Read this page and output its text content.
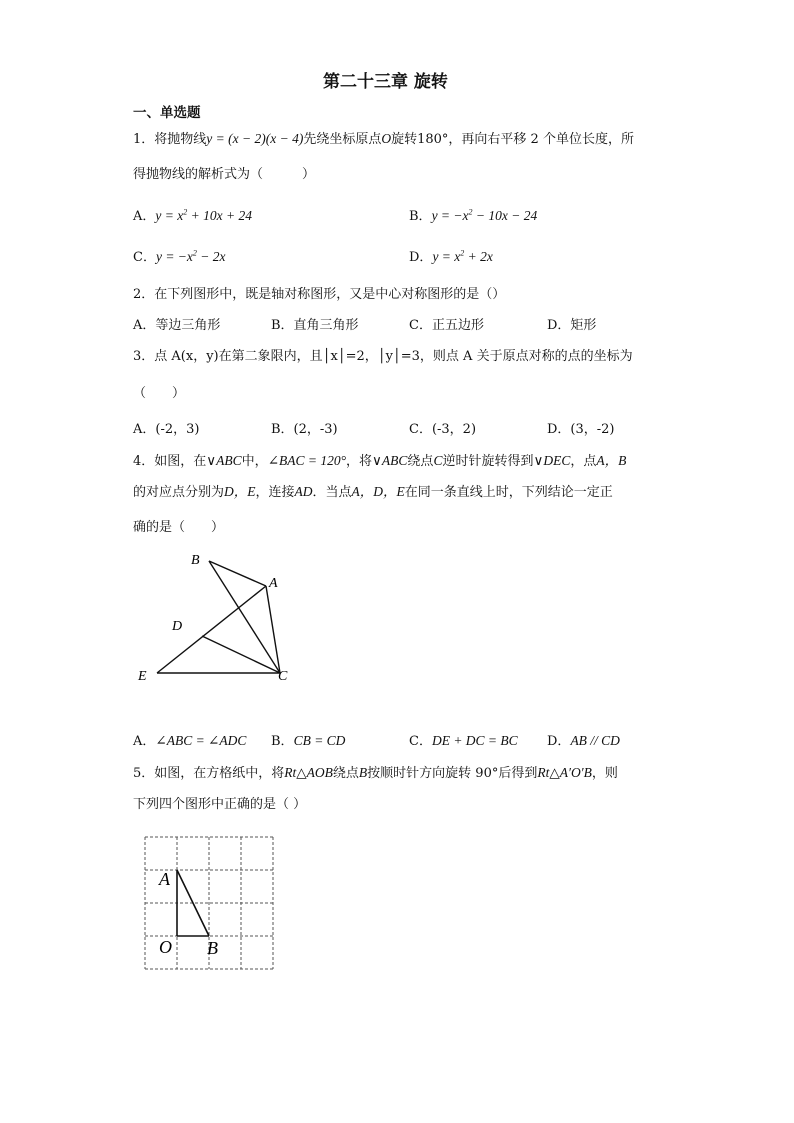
第二十三章 旋转
一、单选题
1．将抛物线y = (x − 2)(x − 4)先绕坐标原点O旋转180°，再向右平移 2 个单位长度，所
得抛物线的解析式为（　　　）
A．$y = x^2 + 10x + 24$	B．$y = -x^2 - 10x - 24$
C．$y = -x^2 - 2x$	D．$y = x^2 + 2x$
2．在下列图形中，既是轴对称图形，又是中心对称图形的是（）
A．等边三角形	B．直角三角形	C．正五边形	D．矩形
3．点 A(x，y)在第二象限内，且│x│=2，│y│=3，则点 A 关于原点对称的点的坐标为
（　　）
A．(-2，3)	B．(2，-3)	C．(-3，2)	D．(3，-2)
4．如图，在∨ABC中，∠BAC = 120°，将∨ABC绕点C逆时针旋转得到∨DEC，点A，B
的对应点分别为D，E，连接AD．当点A，D，E在同一条直线上时，下列结论一定正
确的是（　　）
B
A
D
E	C
A．∠ABC = ∠ADC B．CB = CD	C．DE + DC = BC D．AB // CD
5．如图，在方格纸中，将Rt△AOB绕点B按顺时针方向旋转 90°后得到Rt△A′O′B，则
下列四个图形中正确的是（ ）
A
O B
